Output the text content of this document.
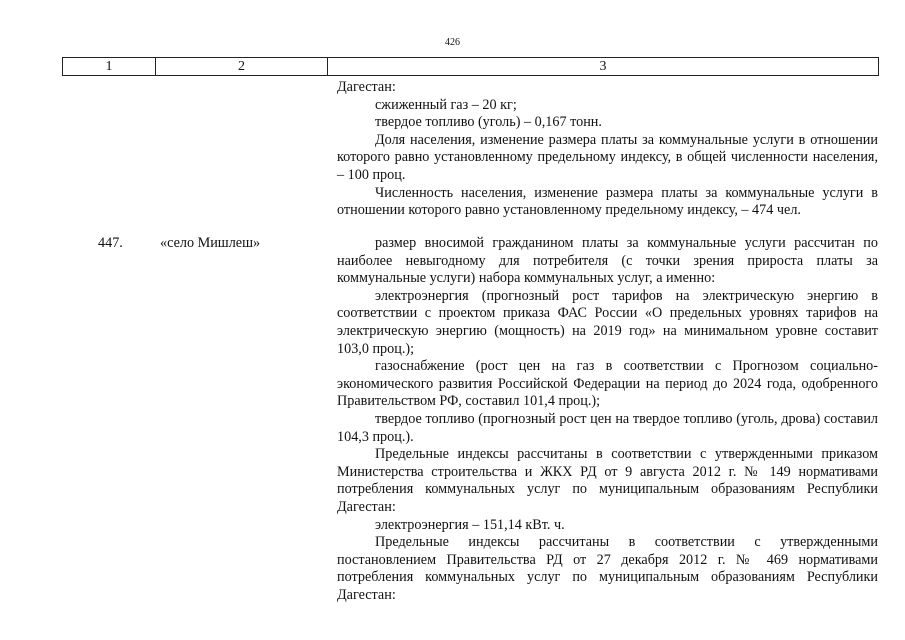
426
1	2	3

Дагестан:

сжиженный газ – 20 кг;

твердое топливо (уголь) – 0,167 тонн.

Доля населения, изменение размера платы за коммунальные услуги в отношении которого равно установленному предельному индексу, в общей численности населения, – 100 проц.

Численность населения, изменение размера платы за коммунальные услуги в отношении которого равно установленному предельному индексу, – 474 чел.

447.	«село Мишлеш»	размер вносимой гражданином платы за коммунальные услуги рассчитан по наиболее невыгодному для потребителя (с точки зрения прироста платы за коммунальные услуги) набора коммунальных услуг, а именно:

электроэнергия (прогнозный рост тарифов на электрическую энергию в соответствии с проектом приказа ФАС России «О предельных уровнях тарифов на электрическую энергию (мощность) на 2019 год» на минимальном уровне составит 103,0 проц.);

газоснабжение (рост цен на газ в соответствии с Прогнозом социально-экономического развития Российской Федерации на период до 2024 года, одобренного Правительством РФ, составил 101,4 проц.);

твердое топливо (прогнозный рост цен на твердое топливо (уголь, дрова) составил 104,3 проц.).

Предельные индексы рассчитаны в соответствии с утвержденными приказом Министерства строительства и ЖКХ РД от 9 августа 2012 г. № 149 нормативами потребления коммунальных услуг по муниципальным образованиям Республики Дагестан:

электроэнергия – 151,14 кВт. ч.

Предельные индексы рассчитаны в соответствии с утвержденными постановлением Правительства РД от 27 декабря 2012 г. № 469 нормативами потребления коммунальных услуг по муниципальным образованиям Республики Дагестан:
